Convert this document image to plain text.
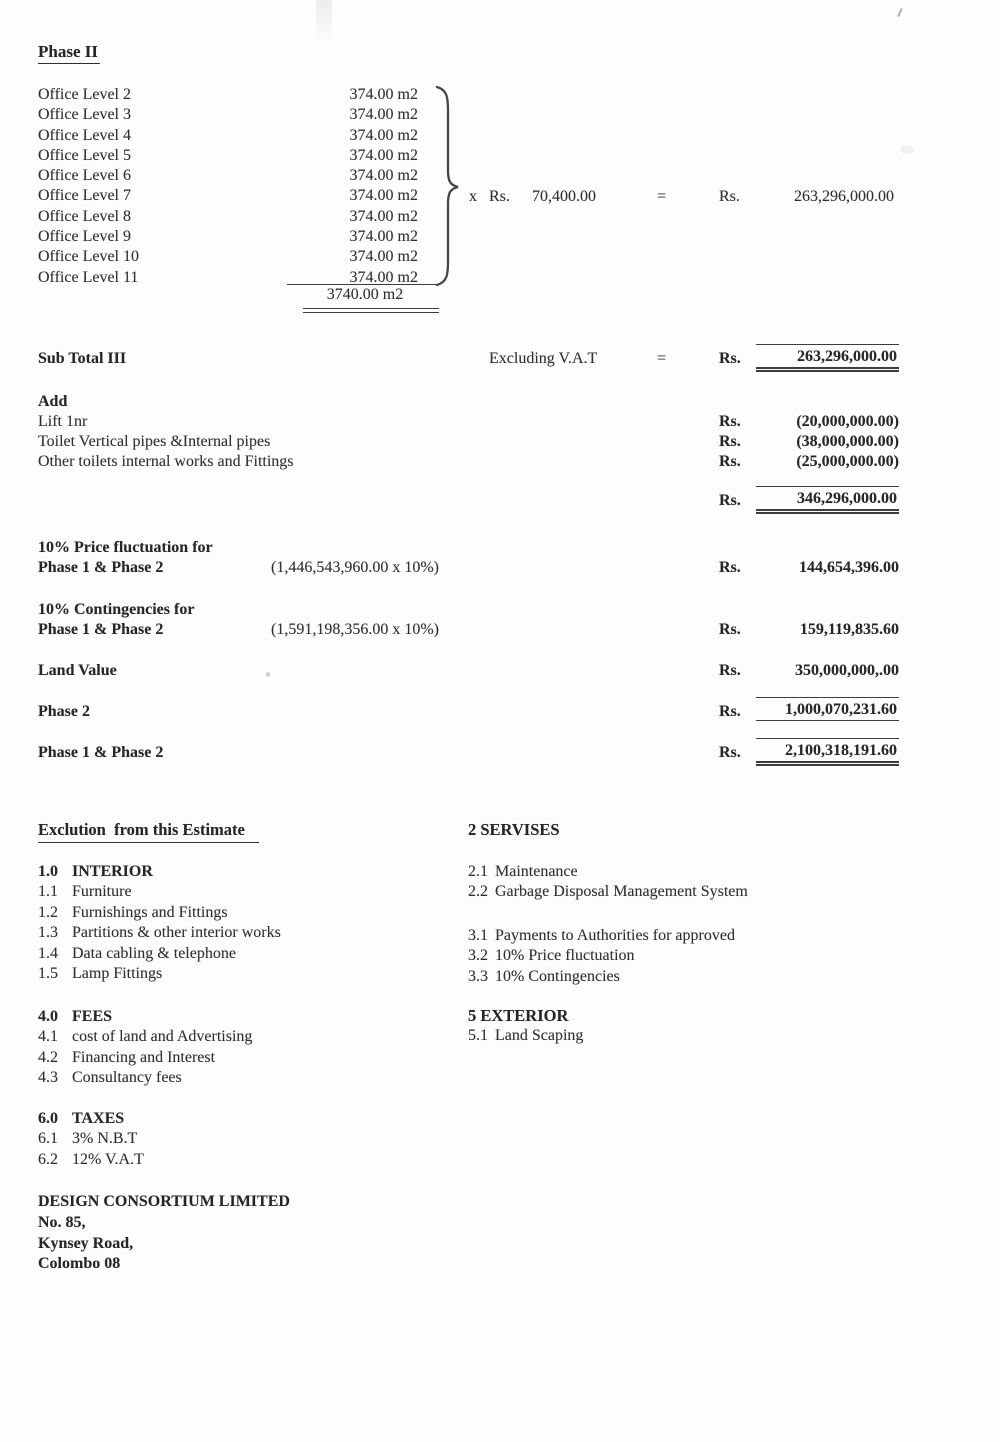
Phase II
Office Level 2	374.00 m2
Office Level 3	374.00 m2
Office Level 4	374.00 m2
Office Level 5	374.00 m2
Office Level 6	374.00 m2
Office Level 7	374.00 m2
Office Level 8	374.00 m2
Office Level 9	374.00 m2
Office Level 10	374.00 m2
Office Level 11	374.00 m2
3740.00 m2
x Rs. 70,400.00	=	Rs.	263,296,000.00
Sub Total III	Excluding V.A.T	=	Rs.	263,296,000.00
Add
Lift 1nr	Rs.	(20,000,000.00)
Toilet Vertical pipes &Internal pipes	Rs.	(38,000,000.00)
Other toilets internal works and Fittings	Rs.	(25,000,000.00)
Rs.	346,296,000.00
10% Price fluctuation for
Phase 1 & Phase 2	(1,446,543,960.00 x 10%)	Rs.	144,654,396.00
10% Contingencies for
Phase 1 & Phase 2	(1,591,198,356.00 x 10%)	Rs.	159,119,835.60
Land Value	Rs.	350,000,000,.00
Phase 2	Rs.	1,000,070,231.60
Phase 1 & Phase 2	Rs.	2,100,318,191.60
Exclution  from this Estimate	2 SERVISES
1.0 INTERIOR
1.1 Furniture
1.2 Furnishings and Fittings
1.3 Partitions & other interior works
1.4 Data cabling & telephone
1.5 Lamp Fittings
2.1 Maintenance
2.2 Garbage Disposal Management System
3.1 Payments to Authorities for approved
3.2 10% Price fluctuation
3.3 10% Contingencies
4.0 FEES
4.1 cost of land and Advertising
4.2 Financing and Interest
4.3 Consultancy fees
5 EXTERIOR
5.1 Land Scaping
6.0 TAXES
6.1 3% N.B.T
6.2 12% V.A.T
DESIGN CONSORTIUM LIMITED
No. 85,
Kynsey Road,
Colombo 08
